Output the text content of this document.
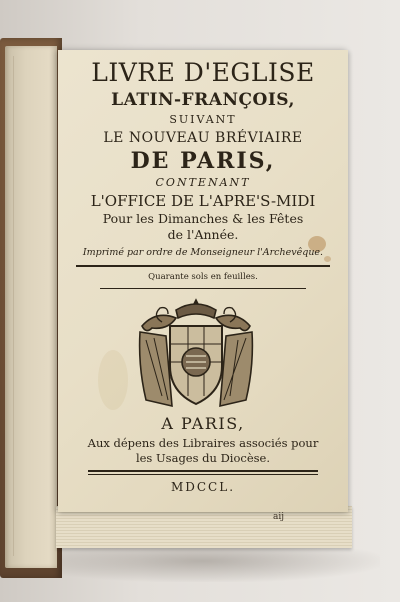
LIVRE D'EGLISE
LATIN-FRANÇOIS,
SUIVANT
LE NOUVEAU BRÉVIAIRE
DE PARIS,
CONTENANT
L'OFFICE DE L'APRE'S-MIDI
Pour les Dimanches & les Fêtes
de l'Année.
Imprimé par ordre de Monseigneur l'Archevêque.
Quarante sols en feuilles.
A PARIS,
Aux dépens des Libraires associés pour
les Usages du Diocèse.
MDCCL.
aij
